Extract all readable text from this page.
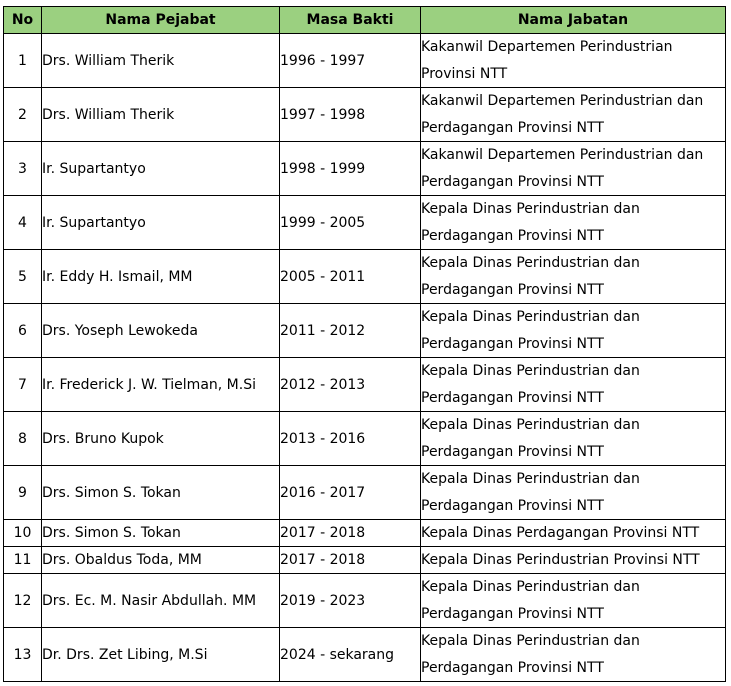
No	Nama Pejabat	Masa Bakti	Nama Jabatan
1	Drs. William Therik	1996 - 1997	Kakanwil Departemen Perindustrian Provinsi NTT
2	Drs. William Therik	1997 - 1998	Kakanwil Departemen Perindustrian dan Perdagangan Provinsi NTT
3	Ir. Supartantyo	1998 - 1999	Kakanwil Departemen Perindustrian dan Perdagangan Provinsi NTT
4	Ir. Supartantyo	1999 - 2005	Kepala Dinas Perindustrian dan Perdagangan Provinsi NTT
5	Ir. Eddy H. Ismail, MM	2005 - 2011	Kepala Dinas Perindustrian dan Perdagangan Provinsi NTT
6	Drs. Yoseph Lewokeda	2011 - 2012	Kepala Dinas Perindustrian dan Perdagangan Provinsi NTT
7	Ir. Frederick J. W. Tielman, M.Si	2012 - 2013	Kepala Dinas Perindustrian dan Perdagangan Provinsi NTT
8	Drs. Bruno Kupok	2013 - 2016	Kepala Dinas Perindustrian dan Perdagangan Provinsi NTT
9	Drs. Simon S. Tokan	2016 - 2017	Kepala Dinas Perindustrian dan Perdagangan Provinsi NTT
10	Drs. Simon S. Tokan	2017 - 2018	Kepala Dinas Perdagangan Provinsi NTT
11	Drs. Obaldus Toda, MM	2017 - 2018	Kepala Dinas Perindustrian Provinsi NTT
12	Drs. Ec. M. Nasir Abdullah. MM	2019 - 2023	Kepala Dinas Perindustrian dan Perdagangan Provinsi NTT
13	Dr. Drs. Zet Libing, M.Si	2024 - sekarang	Kepala Dinas Perindustrian dan Perdagangan Provinsi NTT
